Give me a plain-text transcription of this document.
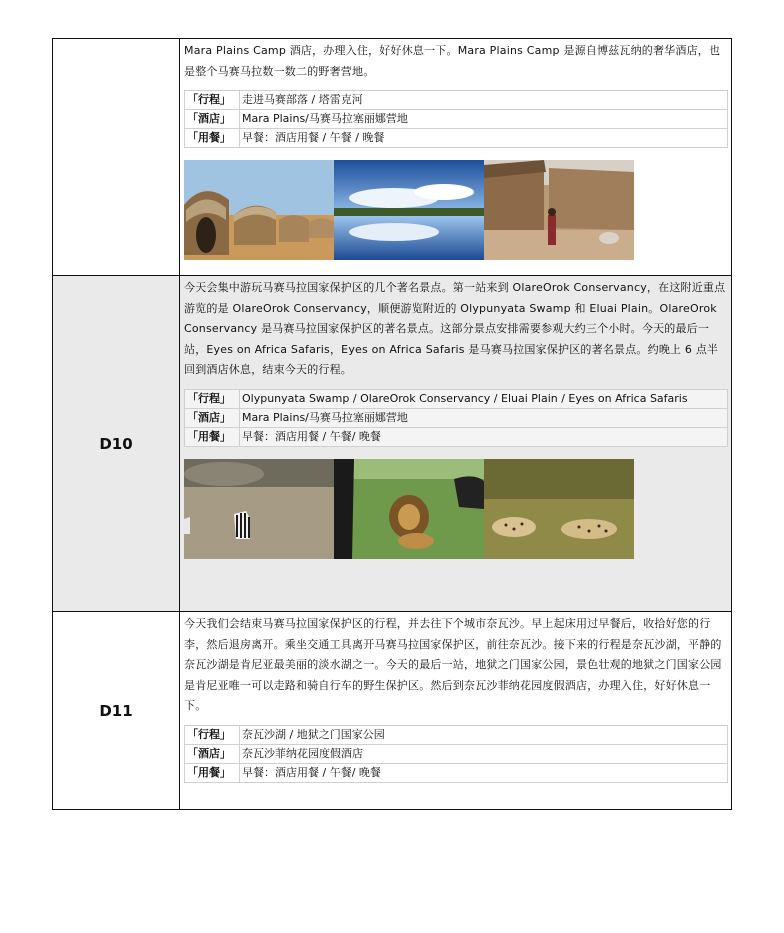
Mara Plains Camp 酒店，办理入住，好好休息一下。Mara Plains Camp 是源自博兹瓦纳的奢华酒店，也是整个马赛马拉数一数二的野奢营地。

「行程」	走进马赛部落 / 塔雷克河
「酒店」	Mara Plains/马赛马拉塞丽娜营地
「用餐」	早餐：酒店用餐 / 午餐 / 晚餐

D10	

今天会集中游玩马赛马拉国家保护区的几个著名景点。第一站来到 OlareOrok Conservancy，在这附近重点游览的是 OlareOrok Conservancy，顺便游览附近的 Olypunyata Swamp 和 Eluai Plain。OlareOrok Conservancy 是马赛马拉国家保护区的著名景点。这部分景点安排需要参观大约三个小时。今天的最后一站，Eyes on Africa Safaris，Eyes on Africa Safaris 是马赛马拉国家保护区的著名景点。约晚上 6 点半回到酒店休息，结束今天的行程。

「行程」	Olypunyata Swamp / OlareOrok Conservancy / Eluai Plain / Eyes on Africa Safaris
「酒店」	Mara Plains/马赛马拉塞丽娜营地
「用餐」	早餐：酒店用餐 / 午餐/ 晚餐

D11	

今天我们会结束马赛马拉国家保护区的行程，并去往下个城市奈瓦沙。早上起床用过早餐后，收拾好您的行李，然后退房离开。乘坐交通工具离开马赛马拉国家保护区，前往奈瓦沙。接下来的行程是奈瓦沙湖，平静的奈瓦沙湖是肯尼亚最美丽的淡水湖之一。今天的最后一站，地狱之门国家公园，景色壮观的地狱之门国家公园是肯尼亚唯一可以走路和骑自行车的野生保护区。然后到奈瓦沙菲纳花园度假酒店，办理入住，好好休息一下。

「行程」	奈瓦沙湖 / 地狱之门国家公园
「酒店」	奈瓦沙菲纳花园度假酒店
「用餐」	早餐：酒店用餐 / 午餐/ 晚餐
